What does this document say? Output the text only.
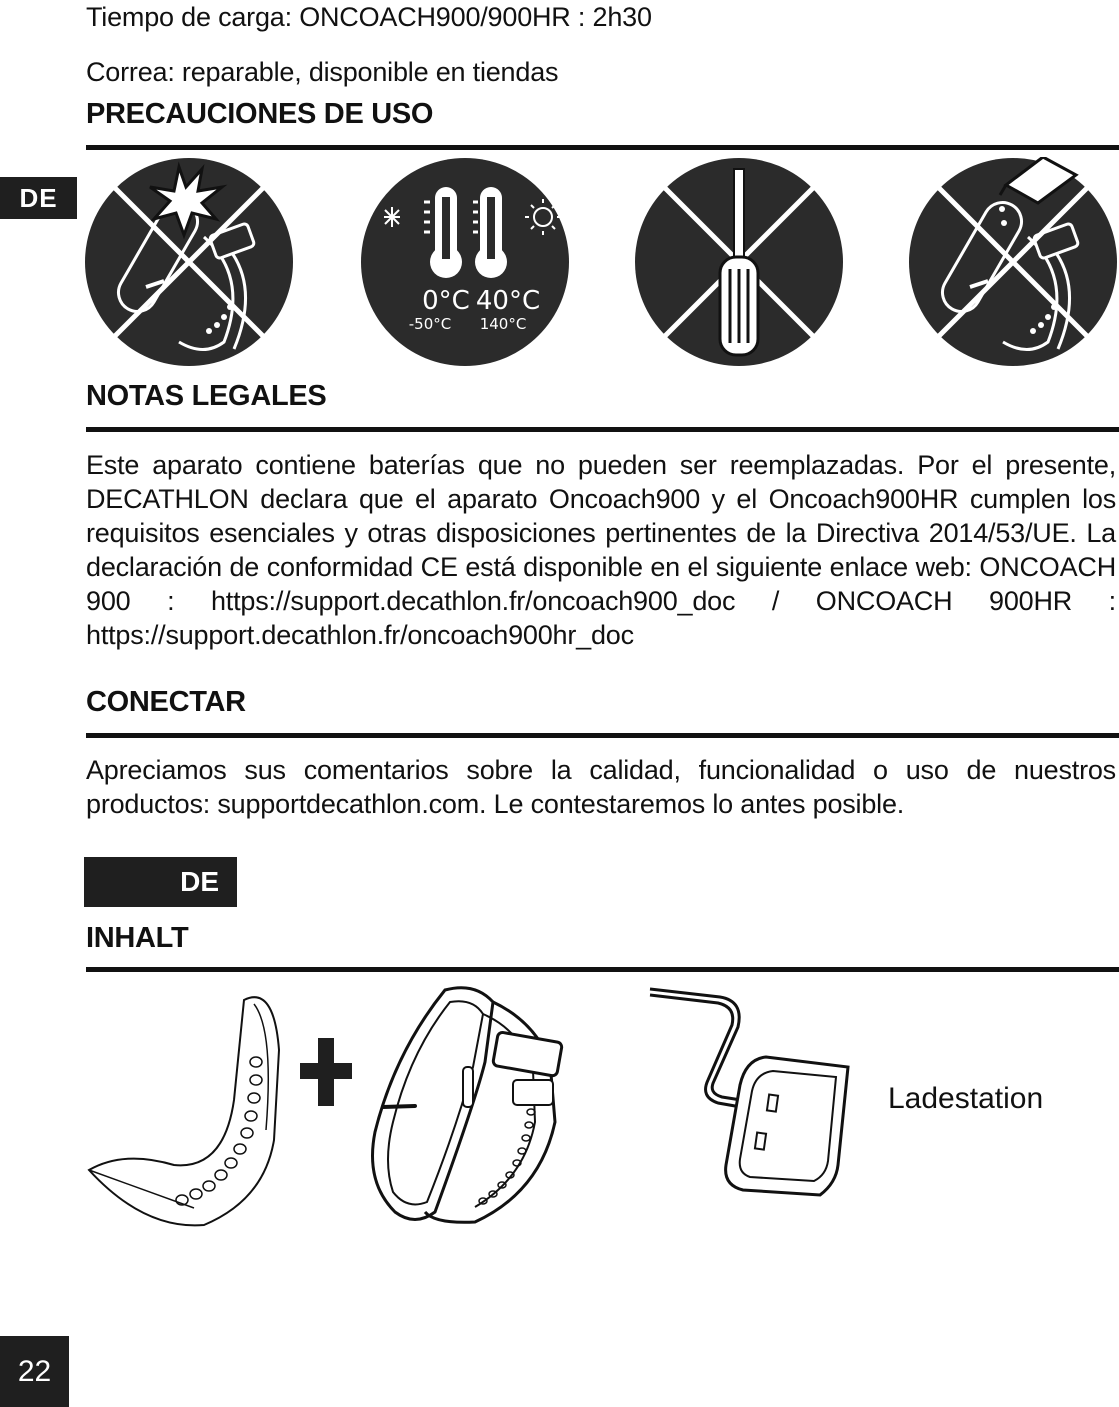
Tiempo de carga: ONCOACH900/900HR : 2h30
Correa: reparable, disponible en tiendas
PRECAUCIONES DE USO
DE
0°C 40°C
-50°C 140°C
NOTAS LEGALES
Este aparato contiene baterías que no pueden ser reemplazadas. Por el presente, DECATHLON declara que el aparato Oncoach900 y el Oncoach900HR cumplen los requisitos esenciales y otras disposiciones pertinentes de la Directiva 2014/53/UE. La declaración de conformidad CE está disponible en el siguiente enlace web: ONCOACH 900 : https://support.decathlon.fr/oncoach900_doc / ONCOACH 900HR : https://support.decathlon.fr/oncoach900hr_doc
CONECTAR
Apreciamos sus comentarios sobre la calidad, funcionalidad o uso de nuestros productos: supportdecathlon.com. Le contestaremos lo antes posible.
DE
INHALT
Ladestation
22
